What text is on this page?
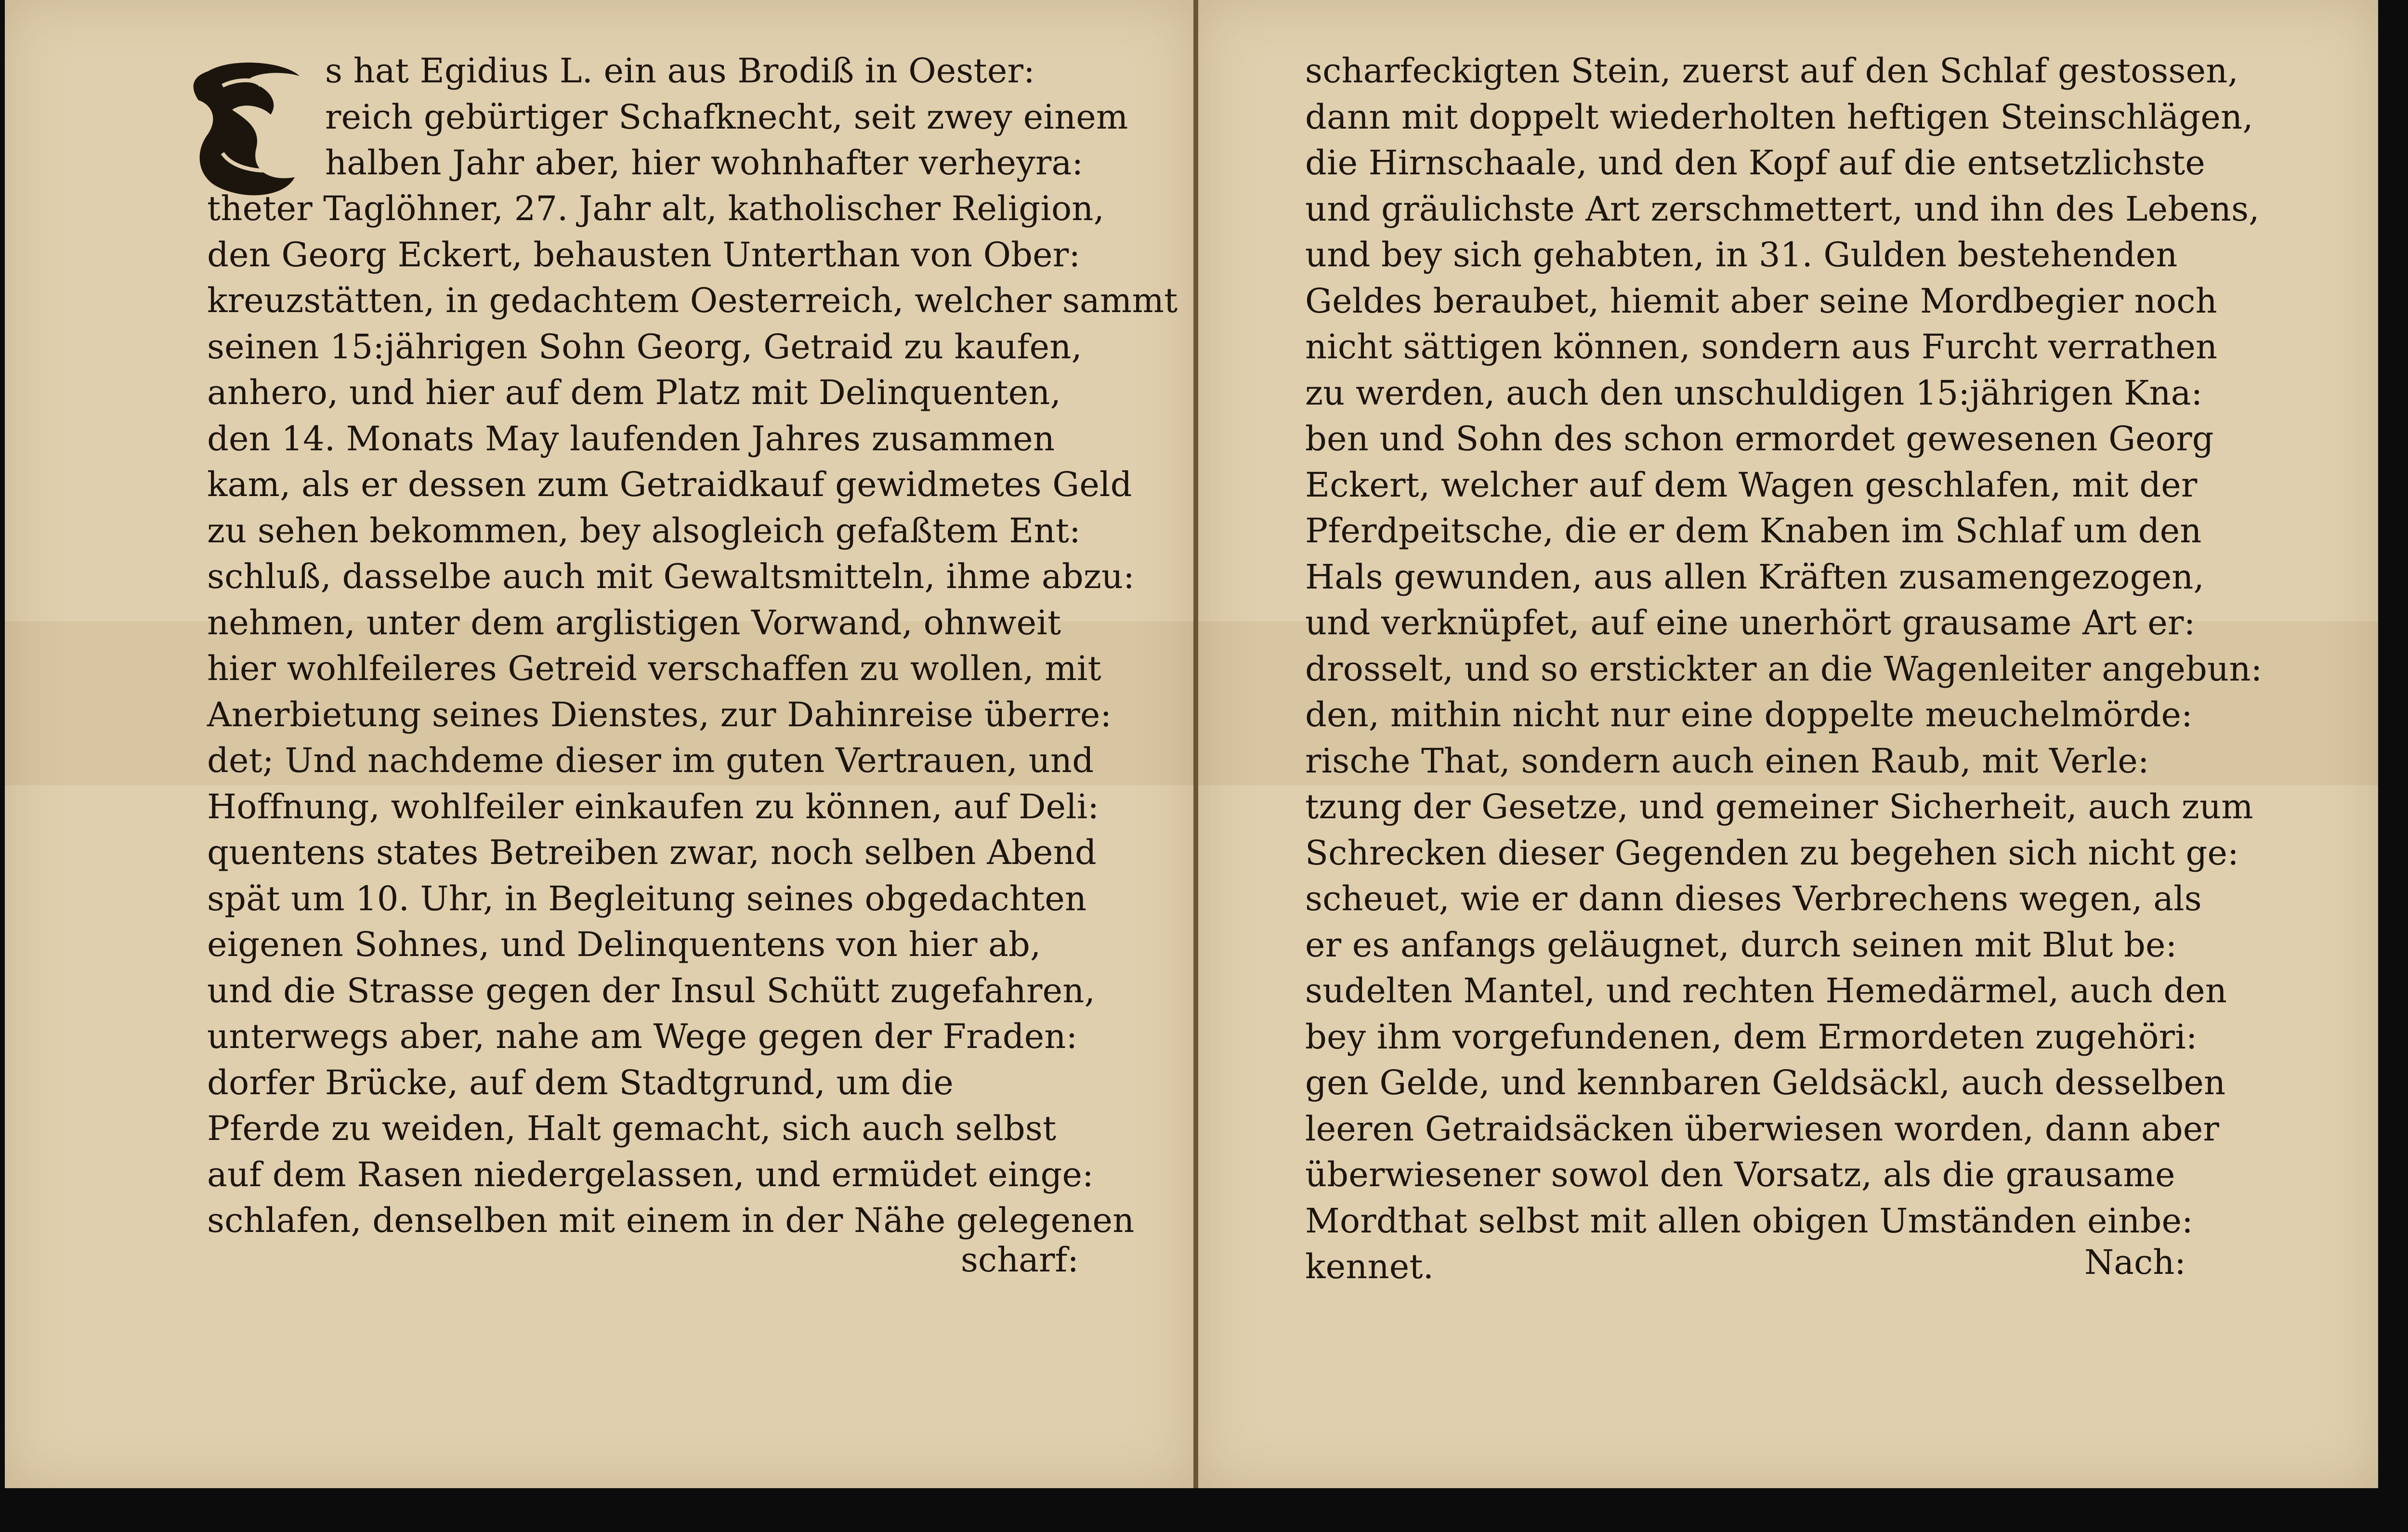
s hat Egidius L. ein aus Brodiß in Oester:
reich gebürtiger Schafknecht, seit zwey einem
halben Jahr aber, hier wohnhafter verheyra:
theter Taglöhner, 27. Jahr alt, katholischer Religion,
den Georg Eckert, behausten Unterthan von Ober:
kreuzstätten, in gedachtem Oesterreich, welcher sammt
seinen 15:jährigen Sohn Georg, Getraid zu kaufen,
anhero, und hier auf dem Platz mit Delinquenten,
den 14. Monats May laufenden Jahres zusammen
kam, als er dessen zum Getraidkauf gewidmetes Geld
zu sehen bekommen, bey alsogleich gefaßtem Ent:
schluß, dasselbe auch mit Gewaltsmitteln, ihme abzu:
nehmen, unter dem arglistigen Vorwand, ohnweit
hier wohlfeileres Getreid verschaffen zu wollen, mit
Anerbietung seines Dienstes, zur Dahinreise überre:
det; Und nachdeme dieser im guten Vertrauen, und
Hoffnung, wohlfeiler einkaufen zu können, auf Deli:
quentens states Betreiben zwar, noch selben Abend
spät um 10. Uhr, in Begleitung seines obgedachten
eigenen Sohnes, und Delinquentens von hier ab,
und die Strasse gegen der Insul Schütt zugefahren,
unterwegs aber, nahe am Wege gegen der Fraden:
dorfer Brücke, auf dem Stadtgrund, um die
Pferde zu weiden, Halt gemacht, sich auch selbst
auf dem Rasen niedergelassen, und ermüdet einge:
schlafen, denselben mit einem in der Nähe gelegenen
scharf:
scharfeckigten Stein, zuerst auf den Schlaf gestossen,
dann mit doppelt wiederholten heftigen Steinschlägen,
die Hirnschaale, und den Kopf auf die entsetzlichste
und gräulichste Art zerschmettert, und ihn des Lebens,
und bey sich gehabten, in 31. Gulden bestehenden
Geldes beraubet, hiemit aber seine Mordbegier noch
nicht sättigen können, sondern aus Furcht verrathen
zu werden, auch den unschuldigen 15:jährigen Kna:
ben und Sohn des schon ermordet gewesenen Georg
Eckert, welcher auf dem Wagen geschlafen, mit der
Pferdpeitsche, die er dem Knaben im Schlaf um den
Hals gewunden, aus allen Kräften zusamengezogen,
und verknüpfet, auf eine unerhört grausame Art er:
drosselt, und so erstickter an die Wagenleiter angebun:
den, mithin nicht nur eine doppelte meuchelmörde:
rische That, sondern auch einen Raub, mit Verle:
tzung der Gesetze, und gemeiner Sicherheit, auch zum
Schrecken dieser Gegenden zu begehen sich nicht ge:
scheuet, wie er dann dieses Verbrechens wegen, als
er es anfangs geläugnet, durch seinen mit Blut be:
sudelten Mantel, und rechten Hemedärmel, auch den
bey ihm vorgefundenen, dem Ermordeten zugehöri:
gen Gelde, und kennbaren Geldsäckl, auch desselben
leeren Getraidsäcken überwiesen worden, dann aber
überwiesener sowol den Vorsatz, als die grausame
Mordthat selbst mit allen obigen Umständen einbe:
kennet.	Nach:
